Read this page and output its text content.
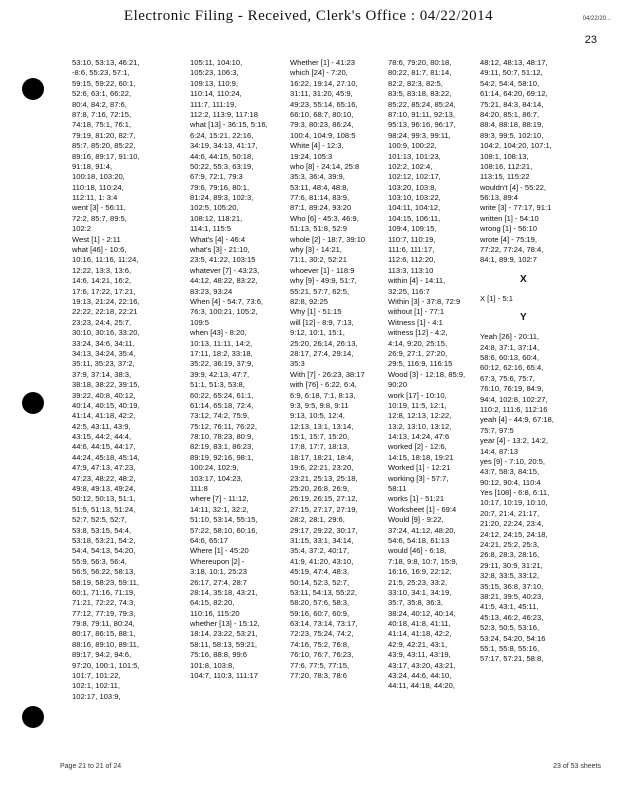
Electronic Filing - Received, Clerk's Office : 04/22/2014	04/22/20...
23
53:10, 53:13, 46:21,
-8:6, 55:23, 57:1,
59:15, 59:22, 60:1,
52:6, 63:1, 66:22,
80:4, 84:2, 87:6,
87:8, 7:16, 72:15,
74:18, 75:1, 76:1,
79:19, 81:20, 82:7,
85:7, 85:20, 85:22,
89:16, 89:17, 91:10,
91:18, 91:4,
100:18, 103:20,
110:18, 110:24,
112:11, 1: 3:4
went [3] - 56:11,
72:2, 85:7, 89:5,
102:2
West [1] - 2:11
what [46] - 10:6,
10:16, 11:16, 11:24,
12:22, 13:3, 13:6,
14:6, 14:21, 16:2,
17:6, 17:22, 17:21,
19:13, 21:24, 22:16,
22:22, 22:18, 22:21
23:23, 24:4, 25:7,
30:10, 30:16, 33:20,
33:24, 34:6, 34:11,
34:13, 34:24, 35:4,
35:11, 35:23, 37:2,
37:9, 37:14, 38:3,
38:18, 38:22, 39:15,
39:22, 40:8, 40:12,
40:14, 40:15, 40:19,
41:14, 41:18, 42:2,
42:5, 43:11, 43:9,
43:15, 44:2, 44:4,
44:6, 44:15, 44:17,
44:24, 45:18, 45:14,
47:9, 47:13, 47:23,
47:23, 48:22, 48:2,
49:8, 49:13, 49:24,
50:12, 50:13, 51:1,
51:5, 51:13, 51:24,
52:7, 52:5, 52:7,
53:8, 53:15, 54:4,
53:18, 53:21, 54:2,
54:4, 54:13, 54:20,
55:9, 56:3, 56:4,
56:5, 56:22, 58:13,
58:19, 58:23, 59:11,
60:1, 71:16, 71:19,
71:21, 72:22, 74:3,
77:12, 77:19, 79:3,
79:8, 79:11, 80:24,
80:17, 86:15, 88:1,
88:16, 89:10, 89:11,
89:17, 94:2, 94:6,
97:20, 100:1, 101:5,
101:7, 101:22,
102:1, 102:11,
102:17, 103:9,
105:11, 104:10,
105:23, 106:3,
109:13, 110:9,
110:14, 110:24,
111:7, 111:19,
112:2, 113:9, 117:18
what [13] - 36:15, 5:16,
6:24, 15:21, 22:16,
34:19, 34:13, 41:17,
44:6, 44:15, 50:18,
50:22, 55:3, 63:19,
67:9, 72:1, 79:3
79:6, 79:16, 80:1,
81:24, 89:3, 102:3,
102:5, 105:20,
108:12, 118:21,
114:1, 115:5
What's [4] - 46:4
what's [3] - 21:10,
23:5, 41:22, 103:15
whatever [7] - 43:23,
44:12, 48:22, 83:22,
83:23, 93:24
When [4] - 54:7, 73:6,
76:3, 100:21, 105:2,
109:5
when [43] - 8:20,
10:13, 11:11, 14:2,
17:11, 18:2, 33:18,
35:22, 36:19, 37:9,
39:9, 42:13, 47:7,
51:1, 51:3, 53:8,
60:22, 65:24, 61:1,
61:14, 65:18, 72:4,
73:12, 74:2, 75:9,
75:12, 76:11, 76:22,
78:10, 78:23, 80:9,
82:19, 83:1, 86:23,
89:19, 92:16, 98:1,
100:24, 102:9,
103:17, 104:23,
111:8
where [7] - 11:12,
14:11, 32:1, 32:2,
51:10, 53:14, 55:15,
57:22, 58:10, 60:16,
64:6, 65:17
Where [1] - 45:20
Whereupon [2] -
3:18, 10:1, 25:23
26:17, 27:4, 28:7
28:14, 35:18, 43:21,
64:15, 82:20,
110:16, 115:20
whether [13] - 15:12,
18:14, 23:22, 53:21,
58:11, 58:13, 59:21,
75:16, 88:8, 99:6
101:8, 103:8,
104:7, 110:3, 111:17
Whether [1] - 41:23
which [24] - 7:20,
16:22, 19:14, 27:10,
31:11, 31:20, 45:9,
49:23, 55:14, 65:16,
66:10, 68:7, 80:10,
79:3, 80:23, 86:24,
100:4, 104:9, 108:5
White [4] - 12:3,
19:24, 105:3
who [8] - 24:14, 25:8
35:3, 36:4, 39:9,
53:11, 48:4, 48:8,
77:6, 81:14, 83:9,
87:1, 89:24, 93:20
Who [6] - 45:3, 46:9,
51:13, 51:8, 52:9
whole [2] - 18:7, 39:10
why [3] - 14:21,
71:1, 30:2, 52:21
whoever [1] - 118:9
why [9] - 49:9, 51:7,
55:21, 57:7, 62:5,
82:8, 92:25
Why [1] - 51:15
will [12] - 8:9, 7:13,
9:12, 10:1, 15:1,
25:20, 26:14, 26:13,
28:17, 27:4, 29:14,
35:3
With [7] - 26:23, 38:17
with [76] - 6:22, 6:4,
6:9, 6:18, 7:1, 8:13,
9:3, 9:5, 9:8, 9:11
9:13, 10:5, 12:4,
12:13, 13:1, 13:14,
15:1, 15:7, 15:20,
17:8, 17:7, 18:13,
18:17, 18:21, 18:4,
19:6, 22:21, 23:20,
23:21, 25:13, 25:18,
25:20, 26:8, 26:9,
26:19, 26:15, 27:12,
27:15, 27:17, 27:19,
28:2, 28:1, 29:6,
29:17, 29:22, 30:17,
31:15, 33:1, 34:14,
35:4, 37:2, 40:17,
41:9, 41:20, 43:10,
45:19, 47:4, 48:3,
50:14, 52:3, 52:7,
53:11, 54:13, 55:22,
58:20, 57:6, 58:3,
59:16, 60:7, 60:9,
63:14, 73:14, 73:17,
72:23, 75:24, 74:2,
74:16, 75:2, 76:8,
76:10, 76:7, 76:23,
77:6, 77:5, 77:15,
77:20, 78:3, 78:6
78:6, 79:20, 80:18,
80:22, 81:7, 81:14,
82:2, 82:3, 82:5,
83:5, 83:18, 83:22,
85:22, 85:24, 85:24,
87:10, 91:11, 92:13,
95:13, 96:16, 96:17,
98:24, 99:3, 99:11,
100:9, 100:22,
101:13, 101:23,
102:2, 102:4,
102:12, 102:17,
103:20, 103:8,
103:10, 103:22,
104:11, 104:12,
104:15, 106:11,
109:4, 109:15,
110:7, 110:19,
111:6, 111:17,
112:6, 112:20,
113:3, 113:10
within [4] - 14:11,
32:25, 116:7
Within [3] - 37:8, 72:9
without [1] - 77:1
Witness [1] - 4:1
witness [12] - 4:2,
4:14, 9:20, 25:15,
26:9, 27:1, 27:20,
29:5, 116:9, 116:15
Wood [3] - 12:18, 85:9,
90:20
work [17] - 10:10,
10:19, 11:5, 12:1,
12:8, 12:13, 12:22,
13:2, 13:10, 13:12,
14:13, 14:24, 47:6
worked [2] - 12:6,
14:15, 18:18, 19:21
Worked [1] - 12:21
working [3] - 57:7,
58:11
works [1] - 51:21
Worksheet [1] - 69:4
Would [9] - 9:22,
37:24, 41:12, 48:20,
54:6, 54:18, 61:13
would [46] - 6:18,
7:18, 9:8, 10:7, 15:9,
16:16, 16:9, 22:12,
21:5, 25:23, 33:2,
33:10, 34:1, 34:19,
35:7, 35:8, 36:3,
38:24, 40:12, 40:14,
40:18, 41:8, 41:11,
41:14, 41:18, 42:2,
42:9, 42:21, 43:1,
43:9, 43:11, 43:19,
43:17, 43:20, 43:21,
43:24, 44:6, 44:10,
44:11, 44:18, 44:20,
48:12, 48:13, 48:17,
49:11, 50:7, 51:12,
54:2, 54:4, 58:10,
61:14, 64:20, 69:12,
75:21, 84:3, 84:14,
84:20, 85:1, 86:7,
88:4, 88:18, 88:19,
89:3, 99:5, 102:10,
104:2, 104:20, 107:1,
108:1, 108:13,
108:16, 112:21,
113:15, 115:22
wouldn't [4] - 55:22,
56:13, 89:4
write [3] - 77:17, 91:1
written [1] - 54:10
wrong [1] - 56:10
wrote [4] - 75:19,
77:22, 77:24, 78:4,
84:1, 89:9, 102:7
X
X [1] - 5:1
Y
Yeah [26] - 20:11,
24:8, 37:1, 37:14,
58:6, 60:13, 60:4,
60:12, 62:16, 65:4,
67:3, 75:6, 75:7,
76:10, 76:19, 84:9,
94:4, 102:8, 102:27,
110:2, 111:6, 112:16
yeah [4] - 44:9, 67:18,
75:7, 97:5
year [4] - 13:2, 14:2,
14:4, 87:13
yes [9] - 7:10, 20:5,
43:7, 58:3, 84:15,
90:12, 90:4, 110:4
Yes [108] - 6:8, 6:11,
10:17, 10:19, 10:10,
20:7, 21:4, 21:17,
21:20, 22:24, 23:4,
24:12, 24:15, 24:18,
24:21, 25:2, 25:3,
26:8, 28:3, 28:16,
29:11, 30:9, 31:21,
32:8, 33:5, 33:12,
35:15, 36:8, 37:10,
38:21, 39:5, 40:23,
41:5, 43:1, 45:11,
45:13, 46:2, 46:23,
52:3, 50:5, 53:16,
53:24, 54:20, 54:16
55:1, 55:8, 55:16,
57:17, 57:21, 58:8,
Page 21 to 21 of 24	23 of 53 sheets
